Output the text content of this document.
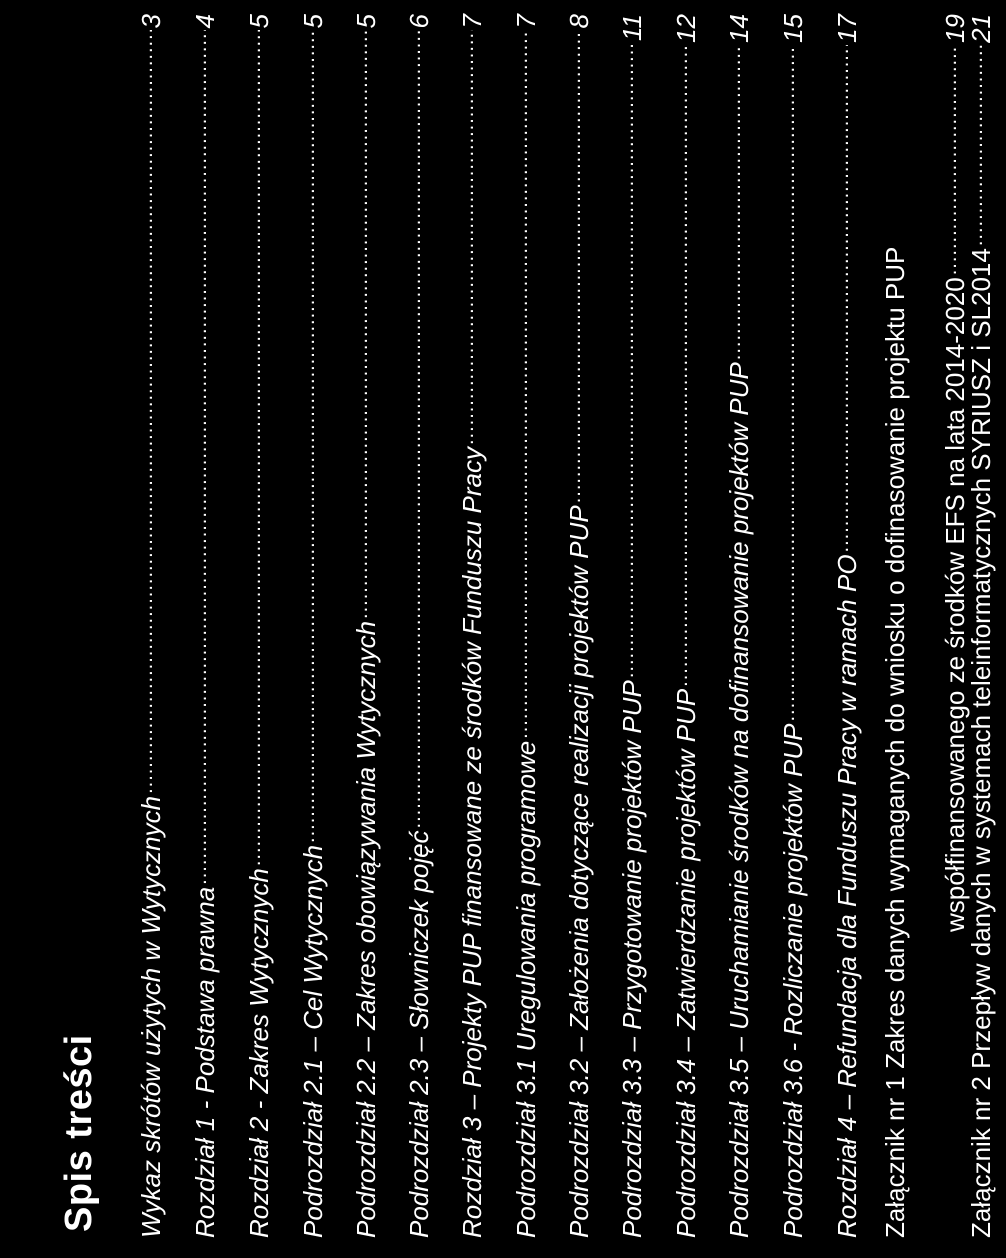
Spis treści Wykaz skrótów użytych w Wytycznych
.....
3
Rozdział 1 - Podstawa prawna
.....
4
Rozdział 2 - Zakres Wytycznych
.....
5
Podrozdział 2.1 – Cel Wytycznych
.....
5
Podrozdział 2.2 – Zakres obowiązywania Wytycznych
.....
5
Podrozdział 2.3 – Słowniczek pojęć
.....
6
Rozdział 3 – Projekty PUP finansowane ze środków Funduszu Pracy
.....
7
Podrozdział 3.1 Uregulowania programowe
.....
7
Podrozdział 3.2 – Założenia dotyczące realizacji projektów PUP
.....
8
Podrozdział 3.3 – Przygotowanie projektów PUP
.....
11
Podrozdział 3.4 – Zatwierdzanie projektów PUP
.....
12
Podrozdział 3.5 – Uruchamianie środków na dofinansowanie projektów PUP
.....
14
Podrozdział 3.6 - Rozliczanie projektów PUP
.....
15
Rozdział 4 – Refundacja dla Funduszu Pracy w ramach PO
.....
17
Załącznik nr 1 Zakres danych wymaganych do wniosku o dofinasowanie projektu PUP współfinansowanego ze środków EFS na lata 2014-2020
.....
19
Załącznik nr 2 Przepływ danych w systemach teleinformatycznych SYRIUSZ i SL2014
.....
21
